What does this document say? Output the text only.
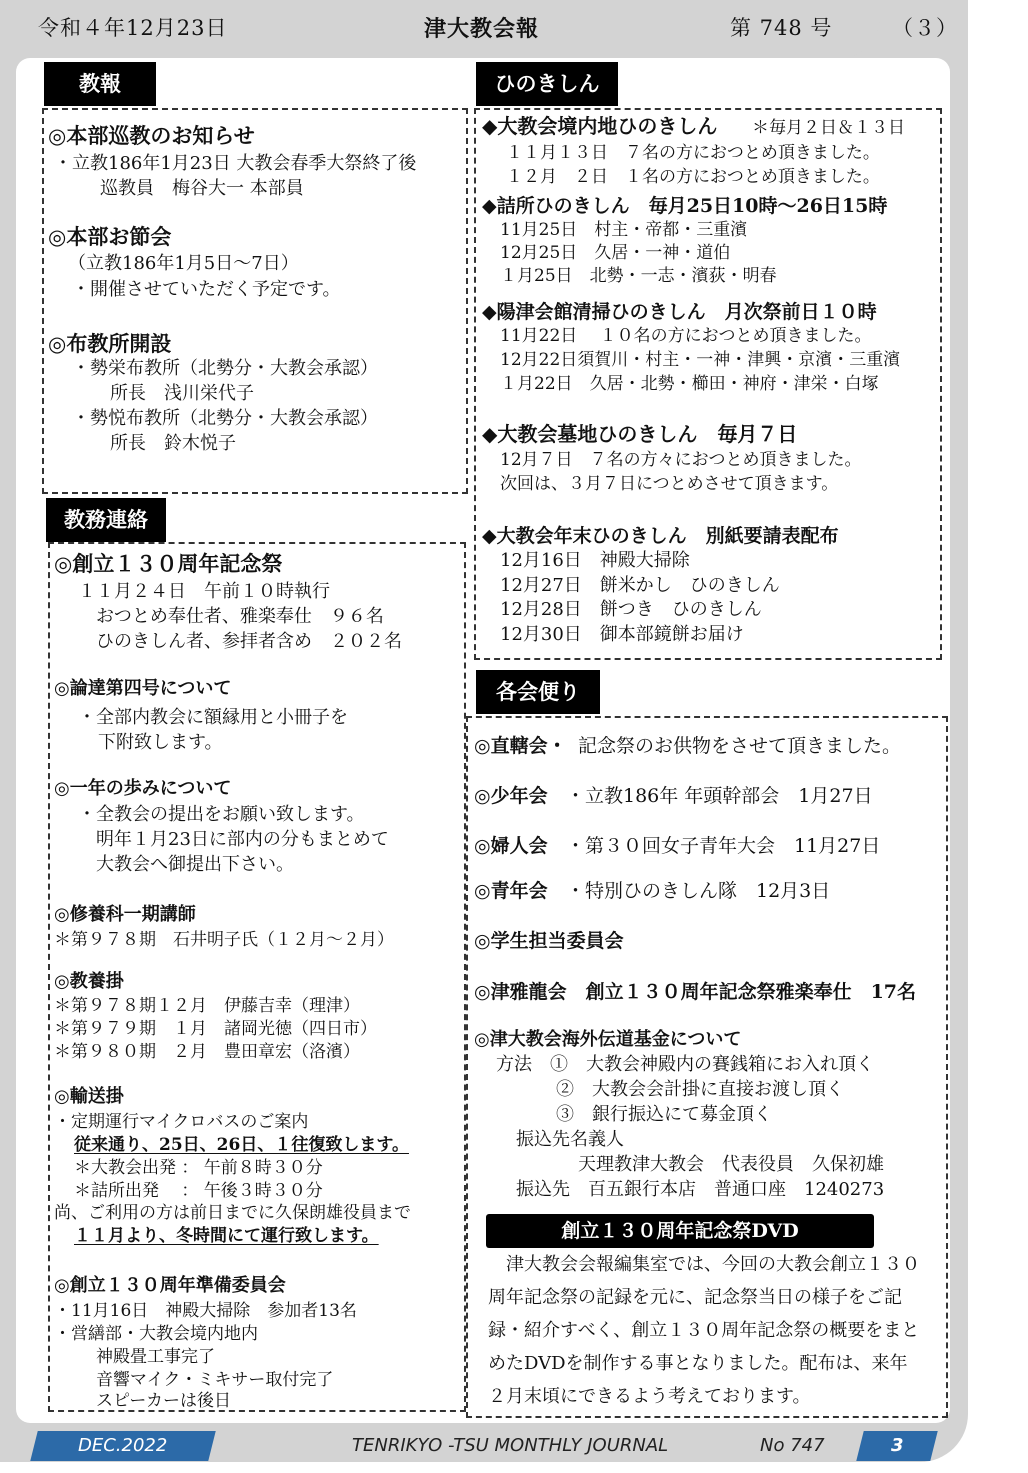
令和４年12月23日	津大教会報	第 748 号	（３）
教報
◎本部巡教のお知らせ
・立教186年1月23日 大教会春季大祭終了後
巡教員　梅谷大一 本部員
◎本部お節会
（立教186年1月5日～7日）
・開催させていただく予定です。
◎布教所開設
・勢栄布教所（北勢分・大教会承認）
所長　浅川栄代子
・勢悦布教所（北勢分・大教会承認）
所長　鈴木悦子
教務連絡
◎創立１３０周年記念祭
１１月２４日　午前１０時執行
おつとめ奉仕者、雅楽奉仕　９６名
ひのきしん者、参拝者含め　２０２名
◎論達第四号について
・全部内教会に額縁用と小冊子を
下附致します。
◎一年の歩みについて
・全教会の提出をお願い致します。
明年１月23日に部内の分もまとめて
大教会へ御提出下さい。
◎修養科一期講師
＊第９７８期　石井明子氏（１２月～２月）
◎教養掛
＊第９７８期１２月　伊藤吉幸（理津）
＊第９７９期　１月　諸岡光徳（四日市）
＊第９８０期　２月　豊田章宏（洛濱）
◎輸送掛
・定期運行マイクロバスのご案内
従来通り、25日、26日、１往復致します。
＊大教会出発 ： 午前８時３０分
＊詰所出発　 ： 午後３時３０分
尚、ご利用の方は前日までに久保朗雄役員まで
１１月より、冬時間にて運行致します。
◎創立１３０周年準備委員会
・11月16日　神殿大掃除　参加者13名
・営繕部・大教会境内地内
神殿畳工事完了
音響マイク・ミキサー取付完了
スピーカーは後日
ひのきしん
◆大教会境内地ひのきしん ＊毎月２日＆１３日
１１月１３日　７名の方におつとめ頂きました。
１２月　２日　１名の方におつとめ頂きました。
◆詰所ひのきしん　毎月25日10時～26日15時
11月25日　村主・帝都・三重濱
12月25日　久居・一神・道伯
１月25日　北勢・一志・濱荻・明春
◆陽津会館清掃ひのきしん　月次祭前日１０時
11月22日　 １０名の方におつとめ頂きました。
12月22日須賀川・村主・一神・津興・京濱・三重濱
１月22日　久居・北勢・櫛田・神府・津栄・白塚
◆大教会墓地ひのきしん　毎月７日
12月７日　７名の方々におつとめ頂きました。
次回は、３月７日につとめさせて頂きます。
◆大教会年末ひのきしん　別紙要請表配布
12月16日　神殿大掃除
12月27日　餅米かし　ひのきしん
12月28日　餅つき　ひのきしん
12月30日　御本部鏡餅お届け
各会便り
◎直轄会・ 記念祭のお供物をさせて頂きました。
◎少年会 ・立教186年 年頭幹部会　1月27日
◎婦人会 ・第３０回女子青年大会　11月27日
◎青年会 ・特別ひのきしん隊　12月3日
◎学生担当委員会
◎津雅龍会　創立１３０周年記念祭雅楽奉仕　17名
◎津大教会海外伝道基金について
方法　①　大教会神殿内の賽銭箱にお入れ頂く
②　大教会会計掛に直接お渡し頂く
③　銀行振込にて募金頂く
振込先名義人
天理教津大教会　代表役員　久保初雄
振込先　百五銀行本店　普通口座　1240273
創立１３０周年記念祭DVD
津大教会会報編集室では、今回の大教会創立１３０
周年記念祭の記録を元に、記念祭当日の様子をご記
録・紹介すべく、創立１３０周年記念祭の概要をまと
めたDVDを制作する事となりました。配布は、来年
２月末頃にできるよう考えております。
DEC.2022	TENRIKYO -TSU MONTHLY JOURNAL	No 747	3
